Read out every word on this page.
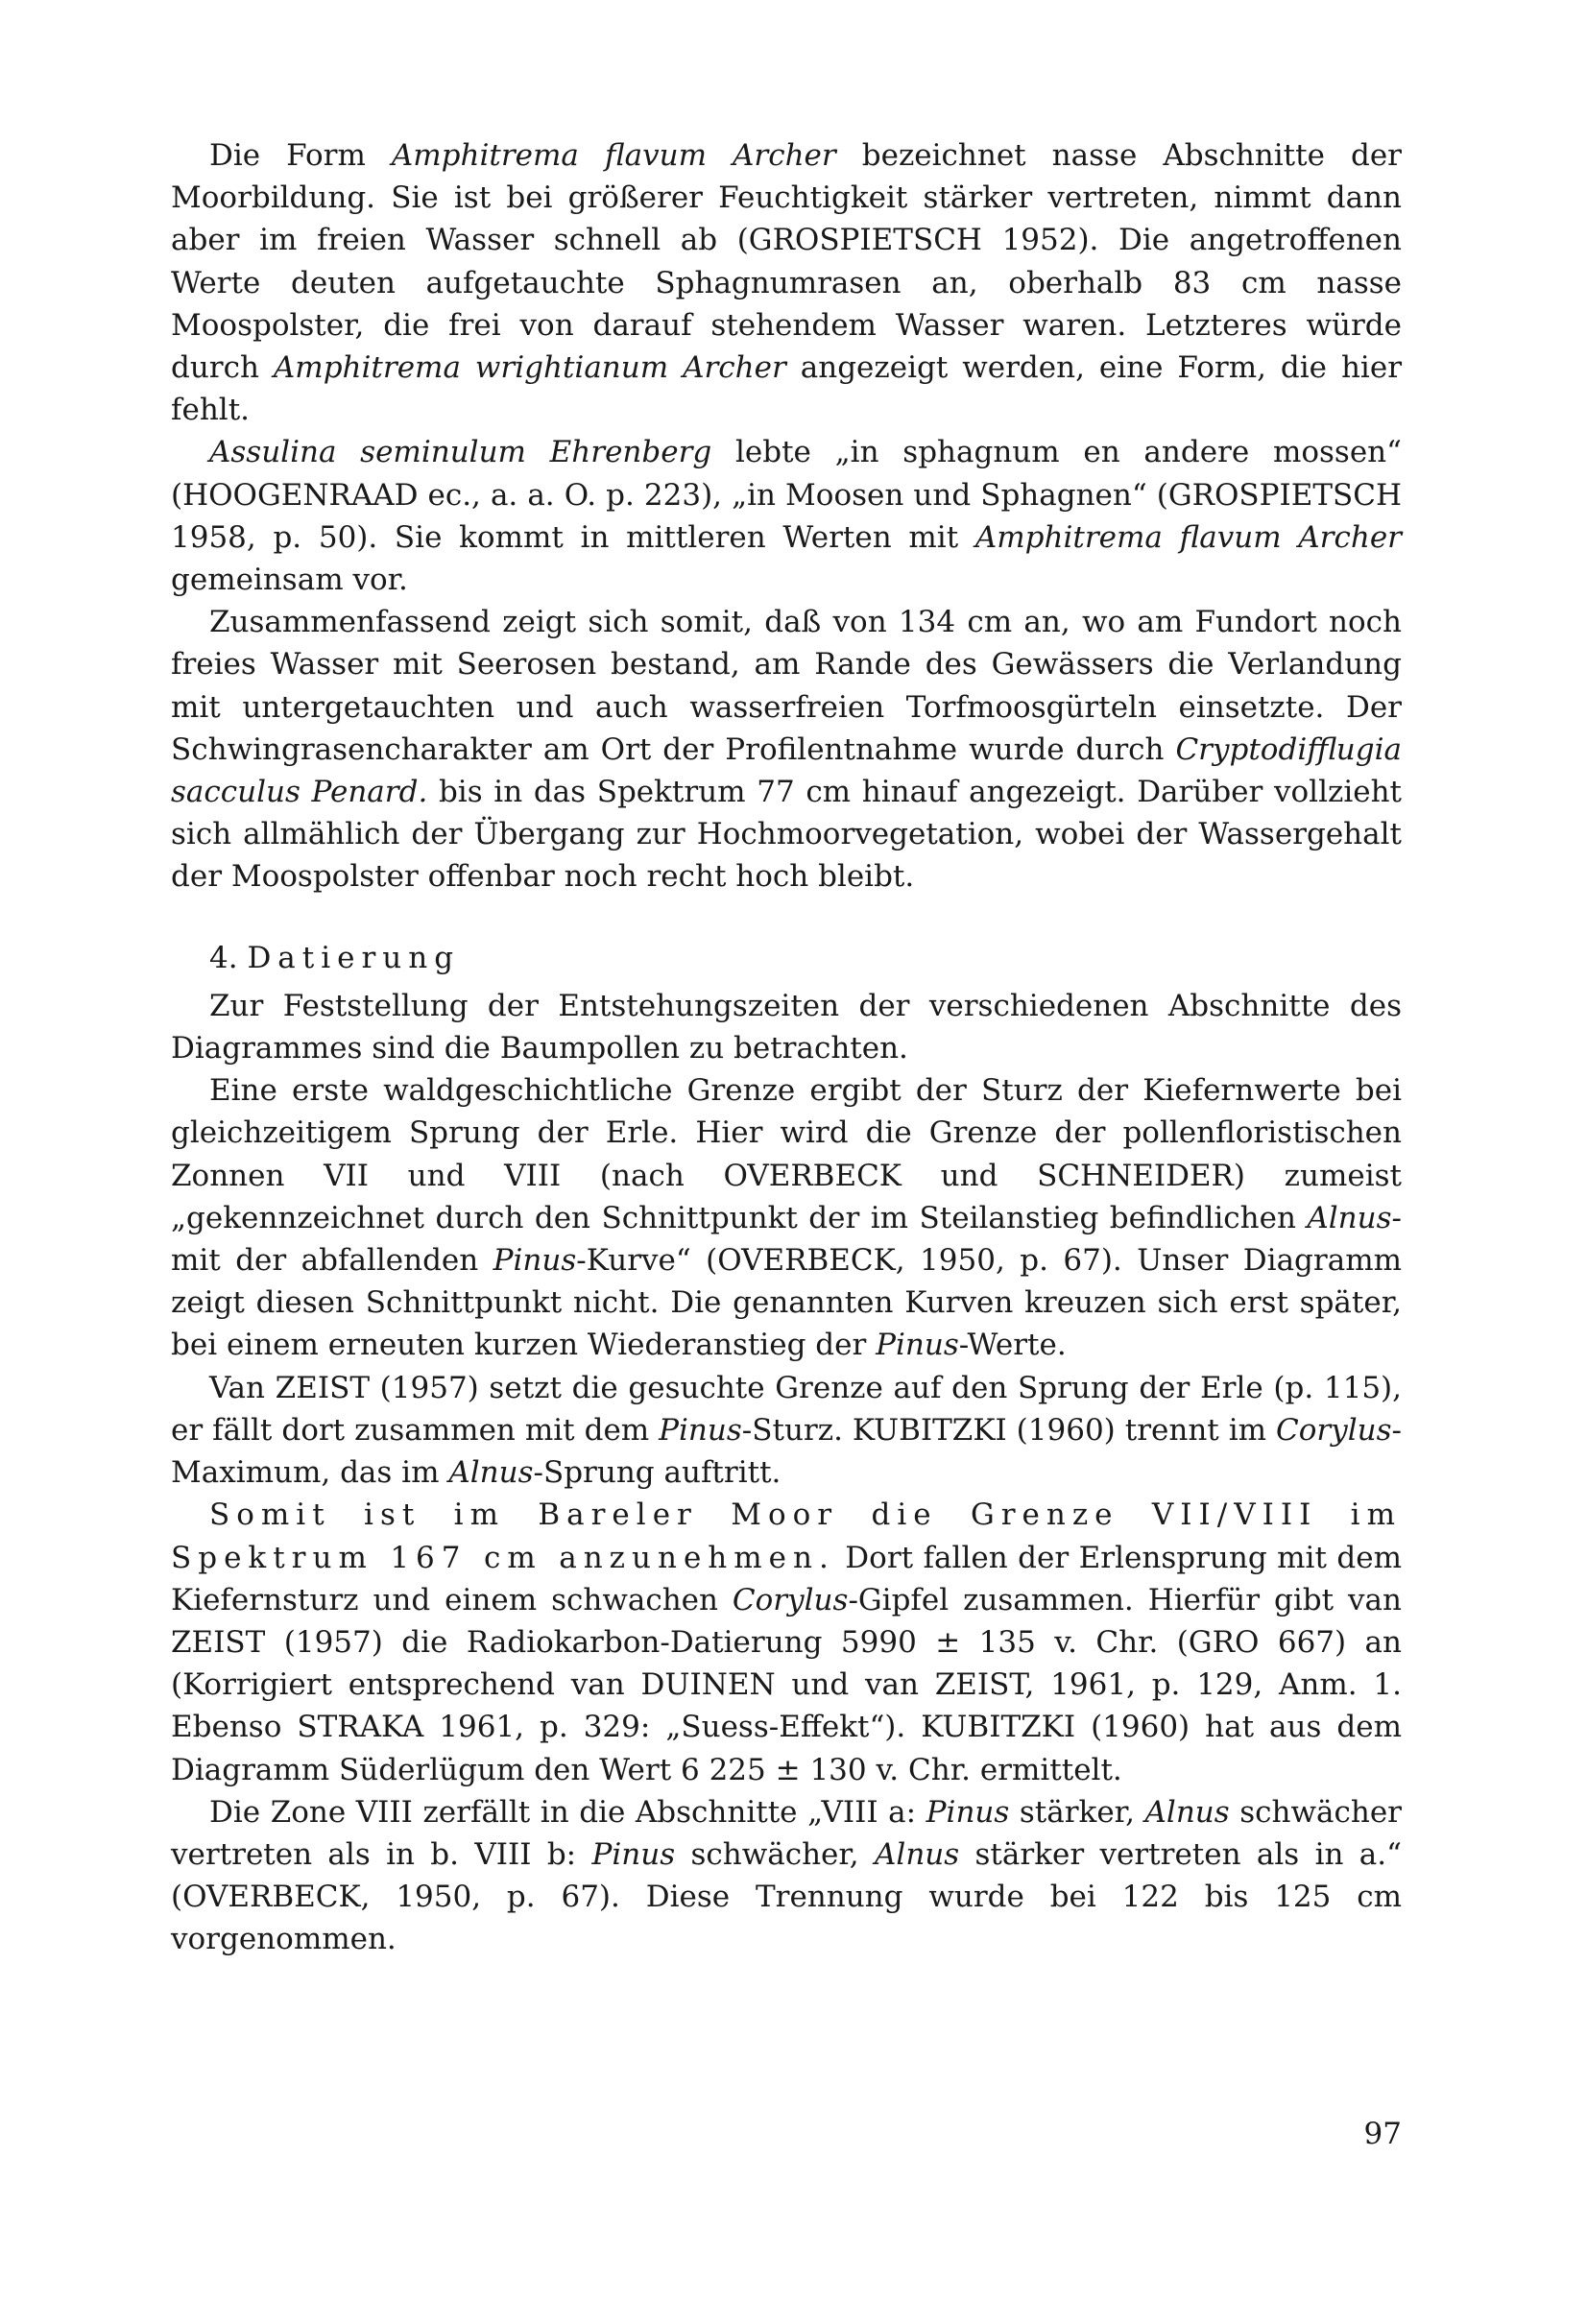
Die Form Amphitrema flavum Archer bezeichnet nasse Abschnitte der Moorbildung. Sie ist bei größerer Feuchtigkeit stärker vertreten, nimmt dann aber im freien Wasser schnell ab (GROSPIETSCH 1952). Die angetroffenen Werte deuten aufgetauchte Sphagnumrasen an, oberhalb 83 cm nasse Moospolster, die frei von darauf stehendem Wasser waren. Letzteres würde durch Amphitrema wrightianum Archer angezeigt werden, eine Form, die hier fehlt.

Assulina seminulum Ehrenberg lebte „in sphagnum en andere mossen“ (HOOGENRAAD ec., a. a. O. p. 223), „in Moosen und Sphagnen“ (GROSPIETSCH 1958, p. 50). Sie kommt in mittleren Werten mit Amphitrema flavum Archer gemeinsam vor.

Zusammenfassend zeigt sich somit, daß von 134 cm an, wo am Fundort noch freies Wasser mit Seerosen bestand, am Rande des Gewässers die Verlandung mit untergetauchten und auch wasserfreien Torfmoosgürteln einsetzte. Der Schwingrasencharakter am Ort der Profilentnahme wurde durch Cryptodifflugia sacculus Penard. bis in das Spektrum 77 cm hinauf angezeigt. Darüber vollzieht sich allmählich der Übergang zur Hochmoorvegetation, wobei der Wassergehalt der Moospolster offenbar noch recht hoch bleibt.

4. Datierung

Zur Feststellung der Entstehungszeiten der verschiedenen Abschnitte des Diagrammes sind die Baumpollen zu betrachten.

Eine erste waldgeschichtliche Grenze ergibt der Sturz der Kiefernwerte bei gleichzeitigem Sprung der Erle. Hier wird die Grenze der pollenfloristischen Zonnen VII und VIII (nach OVERBECK und SCHNEIDER) zumeist „gekennzeichnet durch den Schnittpunkt der im Steilanstieg befindlichen Alnus- mit der abfallenden Pinus-Kurve“ (OVERBECK, 1950, p. 67). Unser Diagramm zeigt diesen Schnittpunkt nicht. Die genannten Kurven kreuzen sich erst später, bei einem erneuten kurzen Wiederanstieg der Pinus-Werte.

Van ZEIST (1957) setzt die gesuchte Grenze auf den Sprung der Erle (p. 115), er fällt dort zusammen mit dem Pinus-Sturz. KUBITZKI (1960) trennt im Corylus-Maximum, das im Alnus-Sprung auftritt.

Somit ist im Bareler Moor die Grenze VII/VIII im Spektrum 167 cm anzunehmen. Dort fallen der Erlensprung mit dem Kiefernsturz und einem schwachen Corylus-Gipfel zusammen. Hierfür gibt van ZEIST (1957) die Radiokarbon-Datierung 5990 ± 135 v. Chr. (GRO 667) an (Korrigiert entsprechend van DUINEN und van ZEIST, 1961, p. 129, Anm. 1. Ebenso STRAKA 1961, p. 329: „Suess-Effekt“). KUBITZKI (1960) hat aus dem Diagramm Süderlügum den Wert 6 225 ± 130 v. Chr. ermittelt.

Die Zone VIII zerfällt in die Abschnitte „VIII a: Pinus stärker, Alnus schwächer vertreten als in b. VIII b: Pinus schwächer, Alnus stärker vertreten als in a.“ (OVERBECK, 1950, p. 67). Diese Trennung wurde bei 122 bis 125 cm vorgenommen.

97
